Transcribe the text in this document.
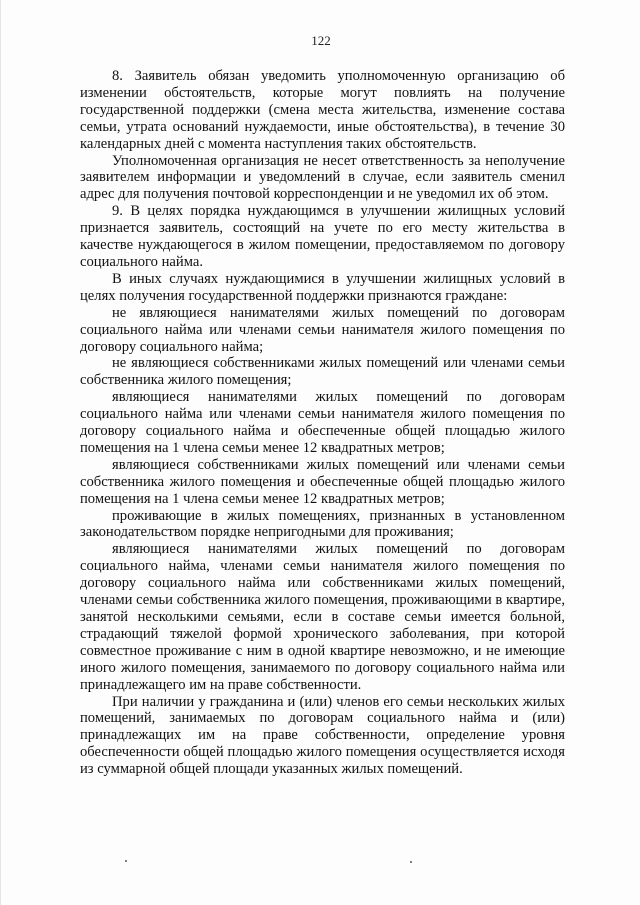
122

8. Заявитель обязан уведомить уполномоченную организацию об изменении обстоятельств, которые могут повлиять на получение государственной поддержки (смена места жительства, изменение состава семьи, утрата оснований нуждаемости, иные обстоятельства), в течение 30 календарных дней с момента наступления таких обстоятельств.

Уполномоченная организация не несет ответственность за неполучение заявителем информации и уведомлений в случае, если заявитель сменил адрес для получения почтовой корреспонденции и не уведомил их об этом.

9. В целях порядка нуждающимся в улучшении жилищных условий признается заявитель, состоящий на учете по его месту жительства в качестве нуждающегося в жилом помещении, предоставляемом по договору социального найма.

В иных случаях нуждающимися в улучшении жилищных условий в целях получения государственной поддержки признаются граждане:

не являющиеся нанимателями жилых помещений по договорам социального найма или членами семьи нанимателя жилого помещения по договору социального найма;

не являющиеся собственниками жилых помещений или членами семьи собственника жилого помещения;

являющиеся нанимателями жилых помещений по договорам социального найма или членами семьи нанимателя жилого помещения по договору социального найма и обеспеченные общей площадью жилого помещения на 1 члена семьи менее 12 квадратных метров;

являющиеся собственниками жилых помещений или членами семьи собственника жилого помещения и обеспеченные общей площадью жилого помещения на 1 члена семьи менее 12 квадратных метров;

проживающие в жилых помещениях, признанных в установленном законодательством порядке непригодными для проживания;

являющиеся нанимателями жилых помещений по договорам социального найма, членами семьи нанимателя жилого помещения по договору социального найма или собственниками жилых помещений, членами семьи собственника жилого помещения, проживающими в квартире, занятой несколькими семьями, если в составе семьи имеется больной, страдающий тяжелой формой хронического заболевания, при которой совместное проживание с ним в одной квартире невозможно, и не имеющие иного жилого помещения, занимаемого по договору социального найма или принадлежащего им на праве собственности.

При наличии у гражданина и (или) членов его семьи нескольких жилых помещений, занимаемых по договорам социального найма и (или) принадлежащих им на праве собственности, определение уровня обеспеченности общей площадью жилого помещения осуществляется исходя из суммарной общей площади указанных жилых помещений.
